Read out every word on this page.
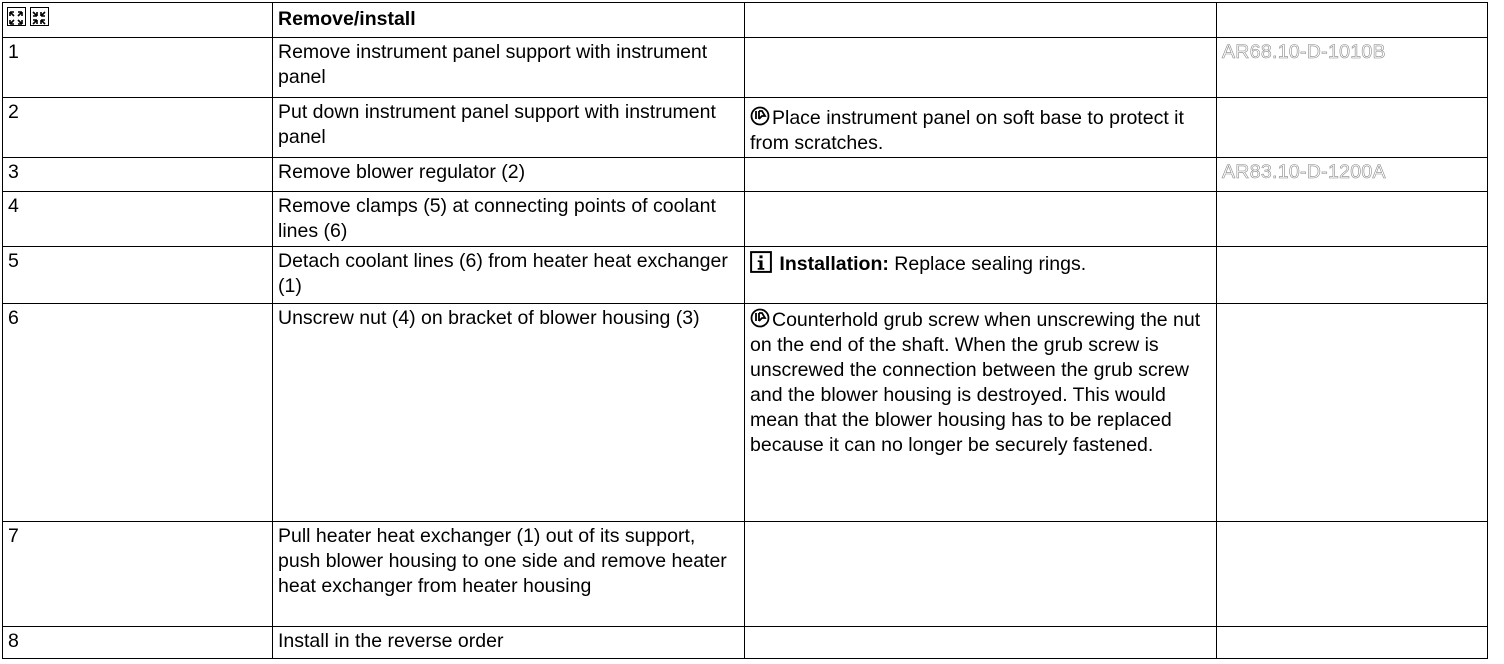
	Remove/install		
1	Remove instrument panel support with instrument panel		AR68.10-D-1010B
2	Put down instrument panel support with instrument panel	Place instrument panel on soft base to protect it from scratches.	
3	Remove blower regulator (2)		AR83.10-D-1200A
4	Remove clamps (5) at connecting points of coolant lines (6)		
5	Detach coolant lines (6) from heater heat exchanger (1)	Installation: Replace sealing rings.	
6	Unscrew nut (4) on bracket of blower housing (3)	Counterhold grub screw when unscrewing the nut on the end of the shaft. When the grub screw is unscrewed the connection between the grub screw and the blower housing is destroyed. This would mean that the blower housing has to be replaced because it can no longer be securely fastened.	
7	Pull heater heat exchanger (1) out of its support, push blower housing to one side and remove heater heat exchanger from heater housing		
8	Install in the reverse order		
